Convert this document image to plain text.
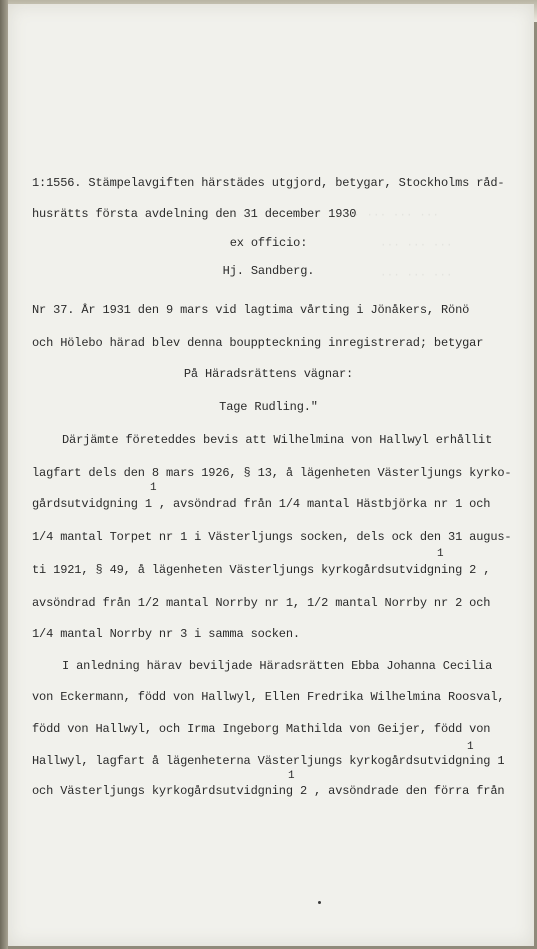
··· ··· ··· ···
··· ··· ···
··· ··· ···
1:1556. Stämpelavgiften härstädes utgjord, betygar, Stockholms råd-
husrätts första avdelning den 31 december 1930
ex officio:
Hj. Sandberg.
Nr 37. År 1931 den 9 mars vid lagtima vårting i Jönåkers, Rönö
och Hölebo härad blev denna bouppteckning inregistrerad; betygar
På Häradsrättens vägnar:
Tage Rudling."
Därjämte företeddes bevis att Wilhelmina von Hallwyl erhållit
lagfart dels den 8 mars 1926, § 13, å lägenheten Västerljungs kyrko-
1
gårdsutvidgning 1 , avsöndrad från 1/4 mantal Hästbjörka nr 1 och
1/4 mantal Torpet nr 1 i Västerljungs socken, dels ock den 31 augus-
1
ti 1921, § 49, å lägenheten Västerljungs kyrkogårdsutvidgning 2 ,
avsöndrad från 1/2 mantal Norrby nr 1, 1/2 mantal Norrby nr 2 och
1/4 mantal Norrby nr 3 i samma socken.
I anledning härav beviljade Häradsrätten Ebba Johanna Cecilia
von Eckermann, född von Hallwyl, Ellen Fredrika Wilhelmina Roosval,
född von Hallwyl, och Irma Ingeborg Mathilda von Geijer, född von
1
Hallwyl, lagfart å lägenheterna Västerljungs kyrkogårdsutvidgning 1
1
och Västerljungs kyrkogårdsutvidgning 2 , avsöndrade den förra från
